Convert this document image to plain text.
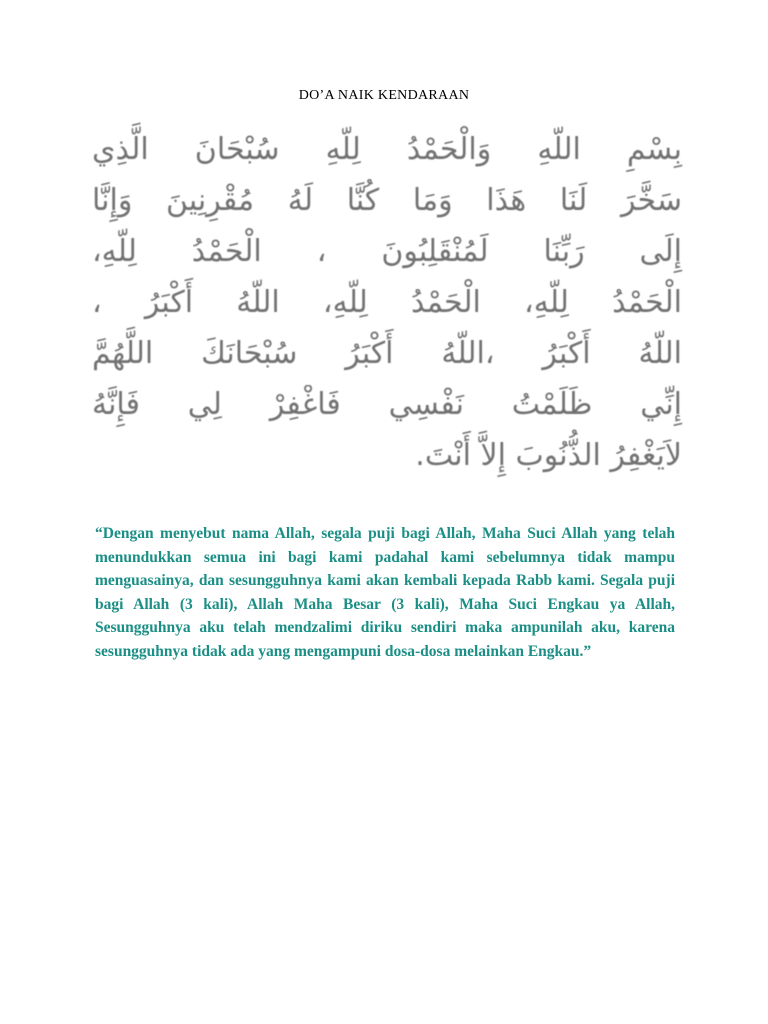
DO’A NAIK KENDARAAN
بِسْمِ اللّهِ وَالْحَمْدُ لِلّهِ سُبْحَانَ الَّذِي
سَخَّرَ لَنَا هَذَا وَمَا كُنَّا لَهُ مُقْرِنِينَ وَإِنَّا
إِلَى رَبِّنَا لَمُنْقَلِبُونَ ، الْحَمْدُ لِلّهِ،
الْحَمْدُ لِلّهِ، الْحَمْدُ لِلّهِ، اللّهُ أَكْبَرُ ،
اللّهُ أَكْبَرُ ،اللّهُ أَكْبَرُ سُبْحَانَكَ اللَّهُمَّ
إِنِّي ظَلَمْتُ نَفْسِي فَاغْفِرْ لِي فَإِنَّهُ
لاَيَغْفِرُ الذُّنُوبَ إِلاَّ أَنْتَ.

“Dengan menyebut nama Allah, segala puji bagi Allah, Maha Suci Allah yang telah menundukkan semua ini bagi kami padahal kami sebelumnya tidak mampu menguasainya, dan sesungguhnya kami akan kembali kepada Rabb kami. Segala puji bagi Allah (3 kali), Allah Maha Besar (3 kali), Maha Suci Engkau ya Allah, Sesungguhnya aku telah mendzalimi diriku sendiri maka ampunilah aku, karena sesungguhnya tidak ada yang mengampuni dosa-dosa melainkan Engkau.”
